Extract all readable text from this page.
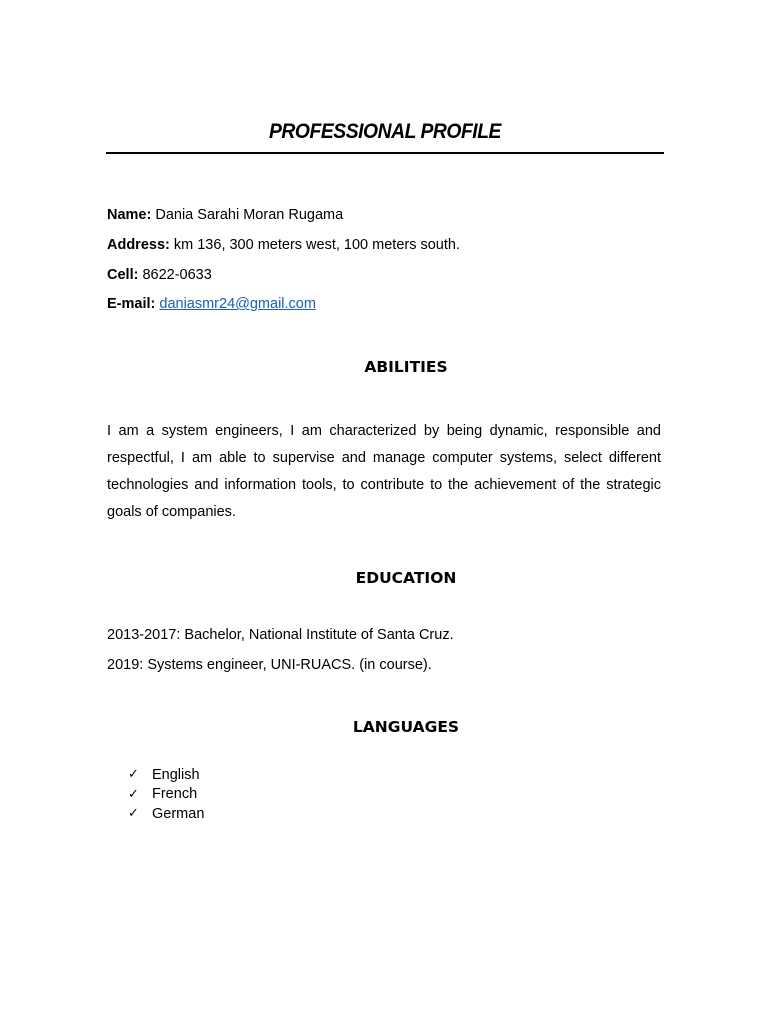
PROFESSIONAL PROFILE
Name: Dania Sarahi Moran Rugama
Address: km 136, 300 meters west, 100 meters south.
Cell: 8622-0633
E-mail: daniasmr24@gmail.com
ABILITIES
I am a system engineers, I am characterized by being dynamic, responsible and respectful, I am able to supervise and manage computer systems, select different technologies and information tools, to contribute to the achievement of the strategic goals of companies.
EDUCATION
2013-2017: Bachelor, National Institute of Santa Cruz.
2019: Systems engineer, UNI-RUACS. (in course).
LANGUAGES
✓ English
✓ French
✓ German
